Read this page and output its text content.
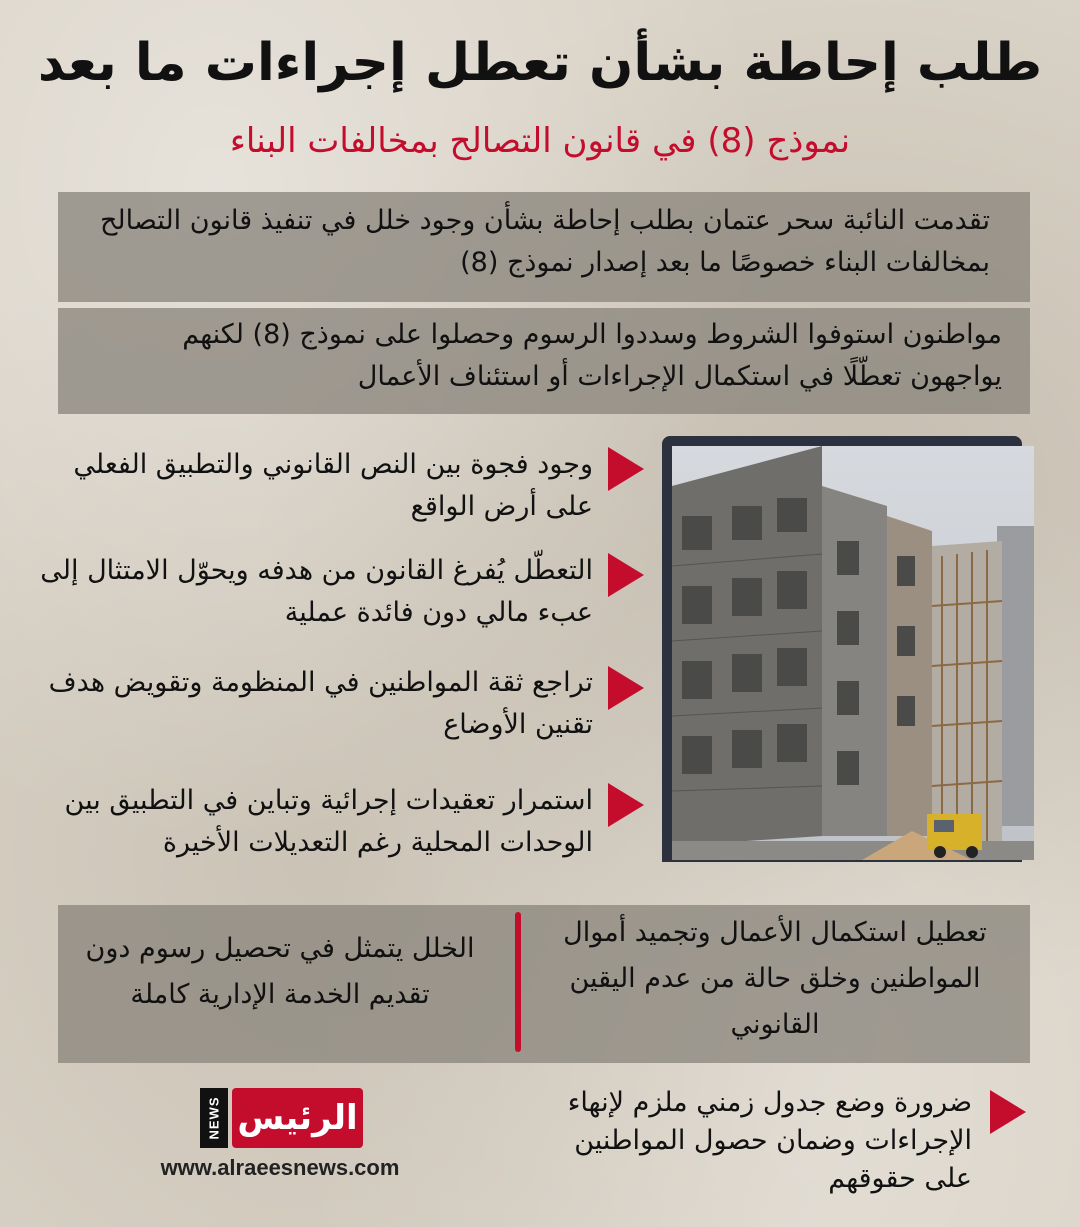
طلب إحاطة بشأن تعطل إجراءات ما بعد
نموذج (8) في قانون التصالح بمخالفات البناء
تقدمت النائبة سحر عتمان بطلب إحاطة بشأن وجود خلل في تنفيذ قانون التصالح بمخالفات البناء خصوصًا ما بعد إصدار نموذج (8)
مواطنون استوفوا الشروط وسددوا الرسوم وحصلوا على نموذج (8) لكنهم يواجهون تعطّلًا في استكمال الإجراءات أو استئناف الأعمال
وجود فجوة بين النص القانوني والتطبيق الفعلي على أرض الواقع
التعطّل يُفرغ القانون من هدفه ويحوّل الامتثال إلى عبء مالي دون فائدة عملية
تراجع ثقة المواطنين في المنظومة وتقويض هدف تقنين الأوضاع
استمرار تعقيدات إجرائية وتباين في التطبيق بين الوحدات المحلية رغم التعديلات الأخيرة
تعطيل استكمال الأعمال وتجميد أموال المواطنين وخلق حالة من عدم اليقين القانوني
الخلل يتمثل في تحصيل رسوم دون تقديم الخدمة الإدارية كاملة
NEWS الرئيس
www.alraeesnews.com
ضرورة وضع جدول زمني ملزم لإنهاء الإجراءات وضمان حصول المواطنين على حقوقهم
